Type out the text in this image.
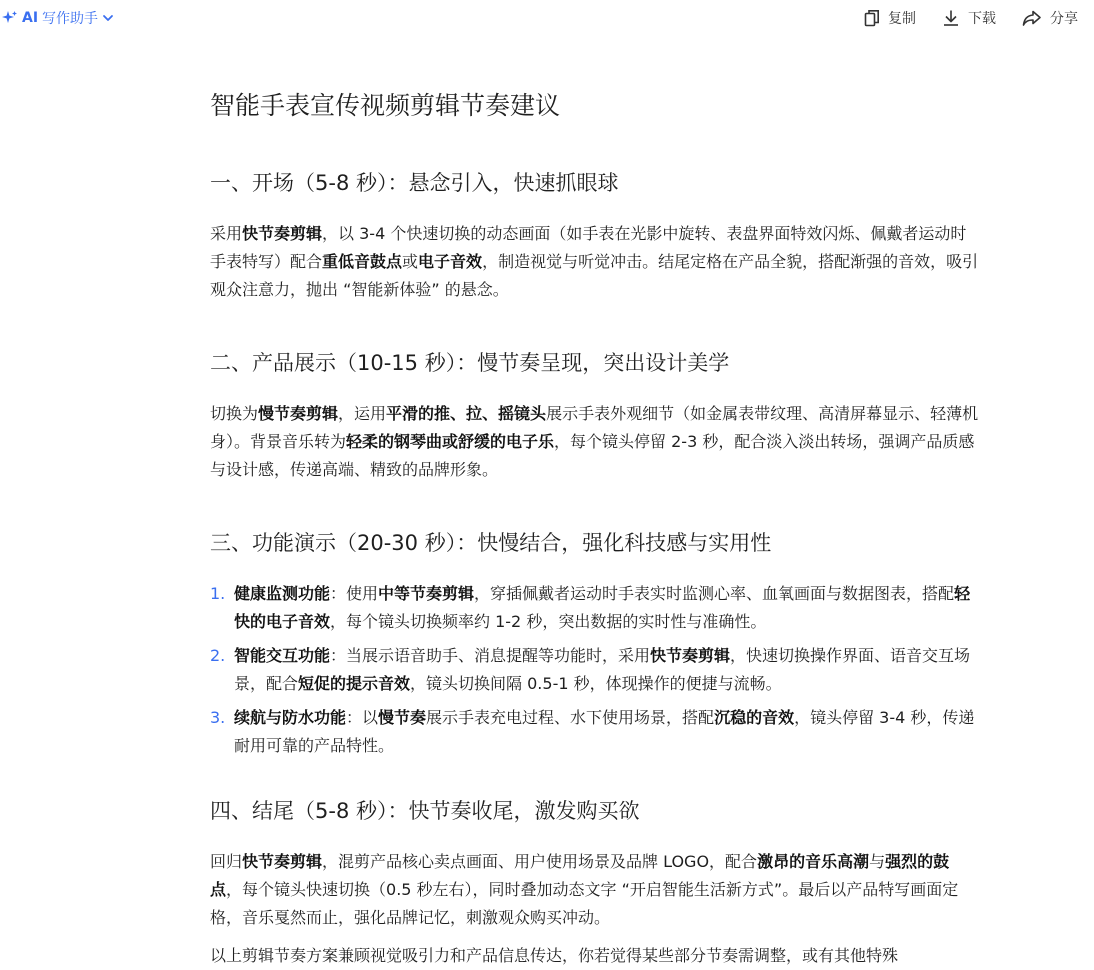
AI 写作助手	复制	下载	分享
智能手表宣传视频剪辑节奏建议
一、开场（5-8 秒）：悬念引入，快速抓眼球

采用快节奏剪辑，以 3-4 个快速切换的动态画面（如手表在光影中旋转、表盘界面特效闪烁、佩戴者运动时手表特写）配合重低音鼓点或电子音效，制造视觉与听觉冲击。结尾定格在产品全貌，搭配渐强的音效，吸引观众注意力，抛出 “智能新体验” 的悬念。

二、产品展示（10-15 秒）：慢节奏呈现，突出设计美学

切换为慢节奏剪辑，运用平滑的推、拉、摇镜头展示手表外观细节（如金属表带纹理、高清屏幕显示、轻薄机身）。背景音乐转为轻柔的钢琴曲或舒缓的电子乐，每个镜头停留 2-3 秒，配合淡入淡出转场，强调产品质感与设计感，传递高端、精致的品牌形象。

三、功能演示（20-30 秒）：快慢结合，强化科技感与实用性
1. 健康监测功能：使用中等节奏剪辑，穿插佩戴者运动时手表实时监测心率、血氧画面与数据图表，搭配轻快的电子音效，每个镜头切换频率约 1-2 秒，突出数据的实时性与准确性。
2. 智能交互功能：当展示语音助手、消息提醒等功能时，采用快节奏剪辑，快速切换操作界面、语音交互场景，配合短促的提示音效，镜头切换间隔 0.5-1 秒，体现操作的便捷与流畅。
3. 续航与防水功能：以慢节奏展示手表充电过程、水下使用场景，搭配沉稳的音效，镜头停留 3-4 秒，传递耐用可靠的产品特性。
四、结尾（5-8 秒）：快节奏收尾，激发购买欲

回归快节奏剪辑，混剪产品核心卖点画面、用户使用场景及品牌 LOGO，配合激昂的音乐高潮与强烈的鼓点，每个镜头快速切换（0.5 秒左右），同时叠加动态文字 “开启智能生活新方式”。最后以产品特写画面定格，音乐戛然而止，强化品牌记忆，刺激观众购买冲动。

以上剪辑节奏方案兼顾视觉吸引力和产品信息传达，你若觉得某些部分节奏需调整，或有其他特殊
